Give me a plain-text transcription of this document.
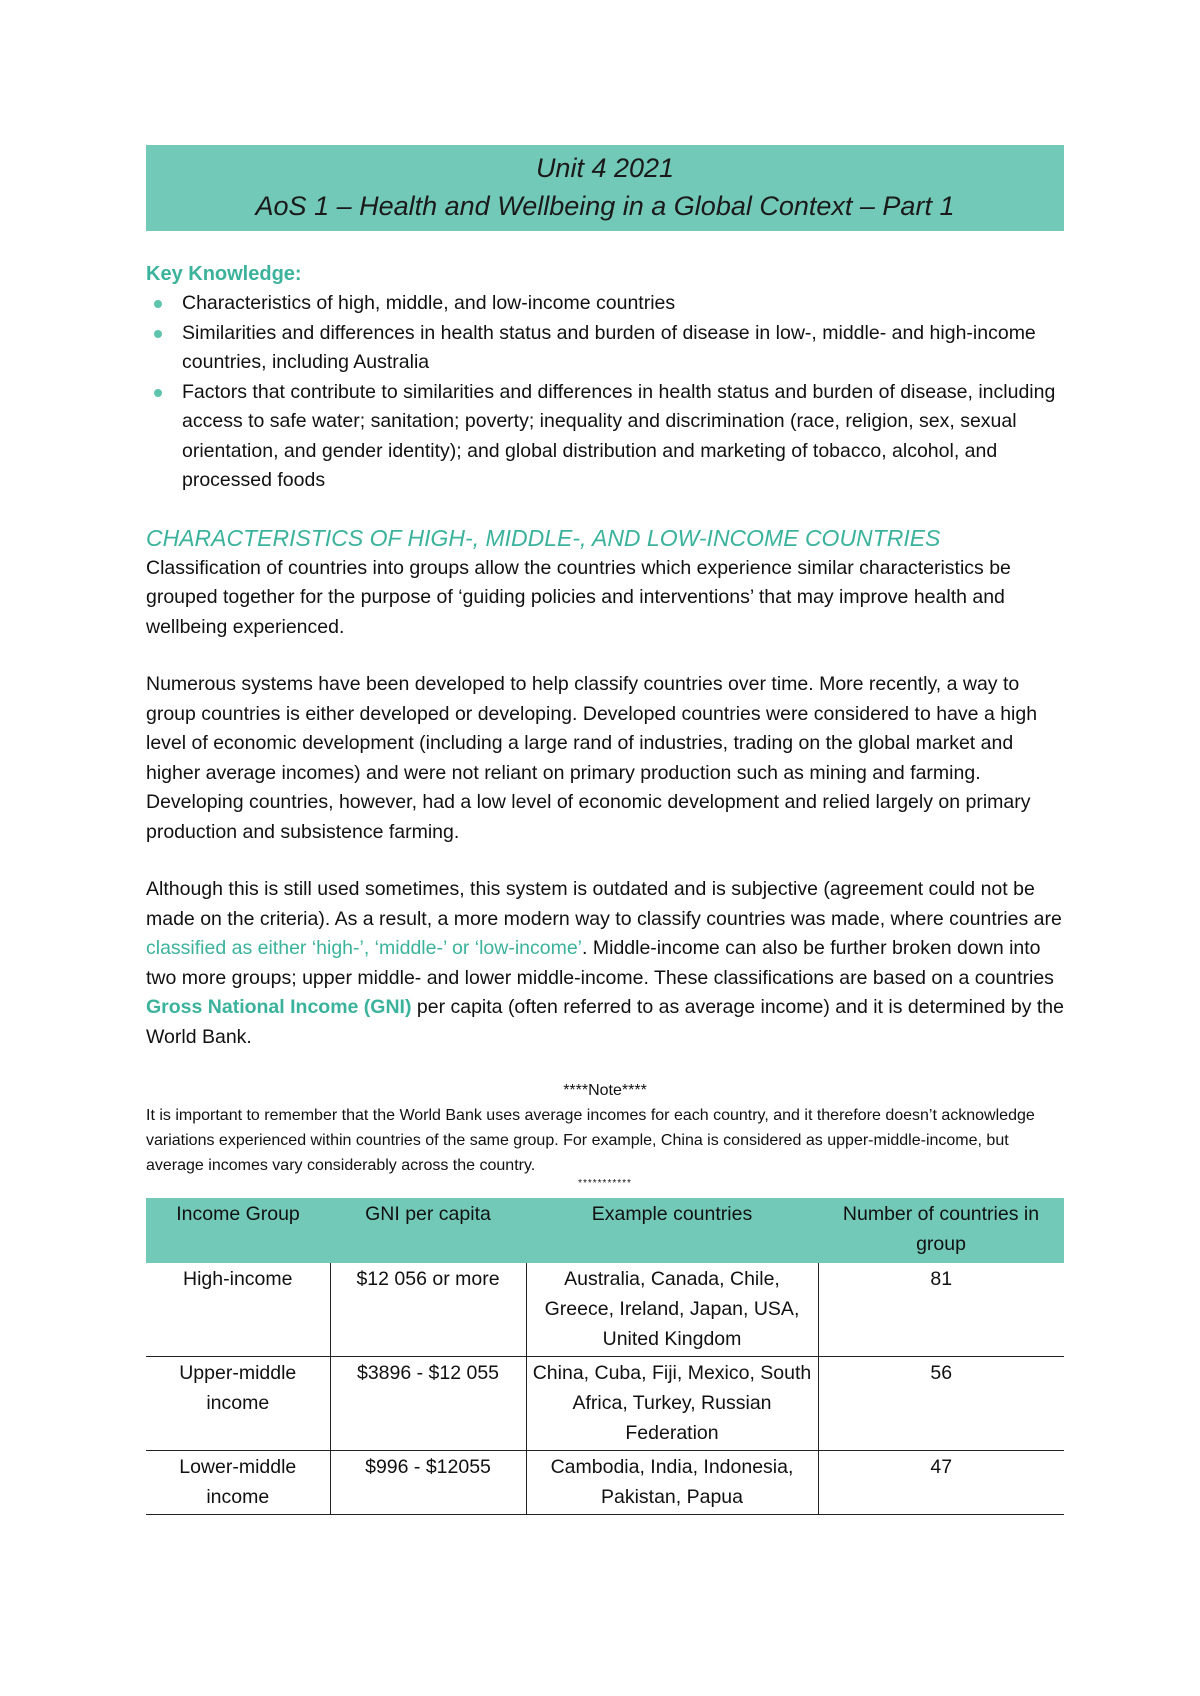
Unit 4 2021
AoS 1 – Health and Wellbeing in a Global Context – Part 1
Key Knowledge:
Characteristics of high, middle, and low-income countries
Similarities and differences in health status and burden of disease in low-, middle- and high-income countries, including Australia
Factors that contribute to similarities and differences in health status and burden of disease, including access to safe water; sanitation; poverty; inequality and discrimination (race, religion, sex, sexual orientation, and gender identity); and global distribution and marketing of tobacco, alcohol, and processed foods
CHARACTERISTICS OF HIGH-, MIDDLE-, AND LOW-INCOME COUNTRIES

Classification of countries into groups allow the countries which experience similar characteristics be grouped together for the purpose of ‘guiding policies and interventions’ that may improve health and wellbeing experienced.

Numerous systems have been developed to help classify countries over time. More recently, a way to group countries is either developed or developing. Developed countries were considered to have a high level of economic development (including a large rand of industries, trading on the global market and higher average incomes) and were not reliant on primary production such as mining and farming. Developing countries, however, had a low level of economic development and relied largely on primary production and subsistence farming.

Although this is still used sometimes, this system is outdated and is subjective (agreement could not be made on the criteria). As a result, a more modern way to classify countries was made, where countries are classified as either ‘high-’, ‘middle-’ or ‘low-income’. Middle-income can also be further broken down into two more groups; upper middle- and lower middle-income. These classifications are based on a countries Gross National Income (GNI) per capita (often referred to as average income) and it is determined by the World Bank.

****Note****
It is important to remember that the World Bank uses average incomes for each country, and it therefore doesn’t acknowledge variations experienced within countries of the same group. For example, China is considered as upper-middle-income, but average incomes vary considerably across the country.
***********
Income Group	GNI per capita	Example countries	Number of countries in group
High-income	$12 056 or more	Australia, Canada, Chile, Greece, Ireland, Japan, USA, United Kingdom	81
Upper-middle income	$3896 - $12 055	China, Cuba, Fiji, Mexico, South Africa, Turkey, Russian Federation	56
Lower-middle income	$996 - $12055	Cambodia, India, Indonesia, Pakistan, Papua	47
